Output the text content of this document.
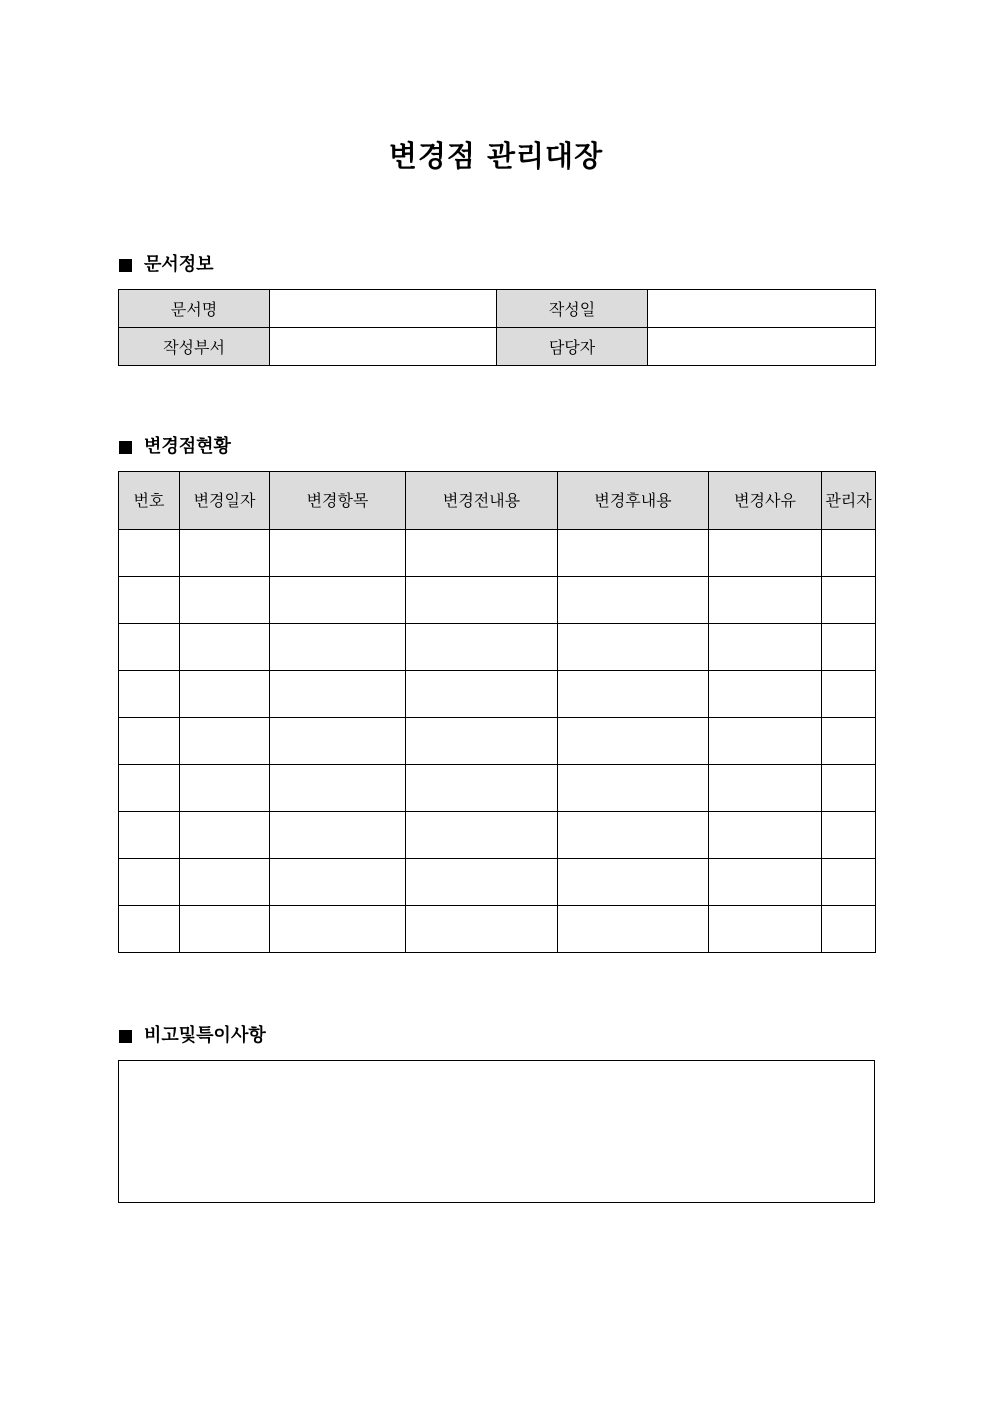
변경점 관리대장
문서정보
문서명		작성일	
작성부서		담당자	
변경점현황
번호	변경일자	변경항목	변경전내용	변경후내용	변경사유	관리자

비고및특이사항
